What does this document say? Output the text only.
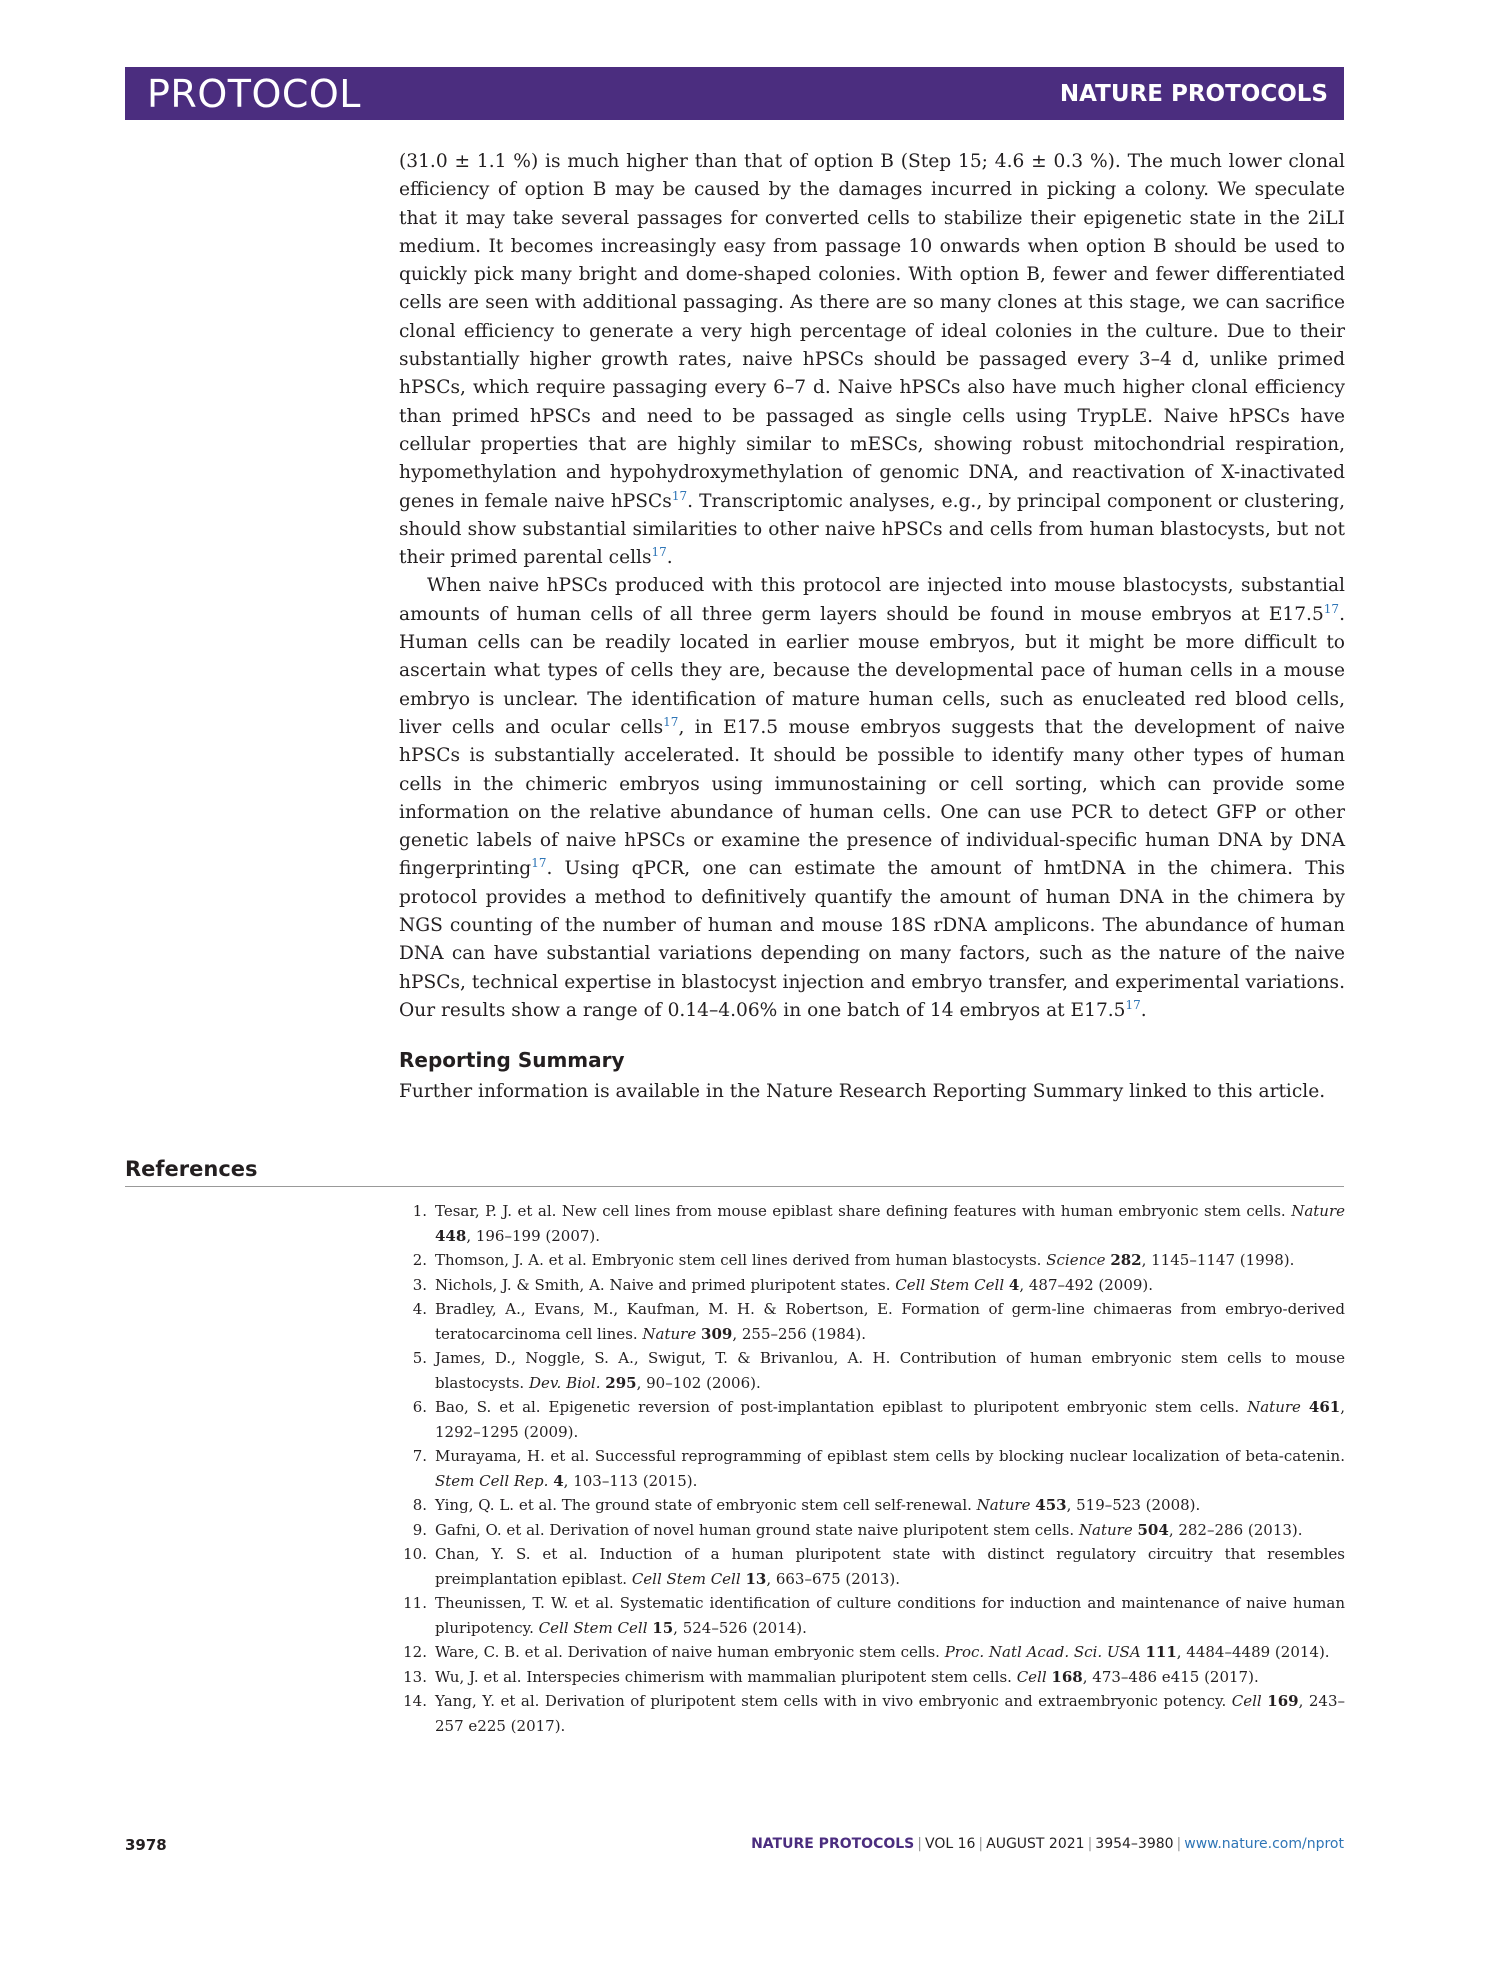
PROTOCOL	NATURE PROTOCOLS

(31.0 ± 1.1 %) is much higher than that of option B (Step 15; 4.6 ± 0.3 %). The much lower clonal efficiency of option B may be caused by the damages incurred in picking a colony. We speculate that it may take several passages for converted cells to stabilize their epigenetic state in the 2iLI medium. It becomes increasingly easy from passage 10 onwards when option B should be used to quickly pick many bright and dome-shaped colonies. With option B, fewer and fewer differentiated cells are seen with additional passaging. As there are so many clones at this stage, we can sacrifice clonal efficiency to generate a very high percentage of ideal colonies in the culture. Due to their substantially higher growth rates, naive hPSCs should be passaged every 3–4 d, unlike primed hPSCs, which require passaging every 6–7 d. Naive hPSCs also have much higher clonal efficiency than primed hPSCs and need to be passaged as single cells using TrypLE. Naive hPSCs have cellular properties that are highly similar to mESCs, showing robust mitochondrial respiration, hypomethylation and hypohydroxymethylation of genomic DNA, and reactivation of X-inactivated genes in female naive hPSCs$^{17}$. Transcriptomic analyses, e.g., by principal component or clustering, should show substantial similarities to other naive hPSCs and cells from human blastocysts, but not their primed parental cells$^{17}$.

When naive hPSCs produced with this protocol are injected into mouse blastocysts, substantial amounts of human cells of all three germ layers should be found in mouse embryos at E17.5$^{17}$. Human cells can be readily located in earlier mouse embryos, but it might be more difficult to ascertain what types of cells they are, because the developmental pace of human cells in a mouse embryo is unclear. The identification of mature human cells, such as enucleated red blood cells, liver cells and ocular cells$^{17}$, in E17.5 mouse embryos suggests that the development of naive hPSCs is substantially accelerated. It should be possible to identify many other types of human cells in the chimeric embryos using immunostaining or cell sorting, which can provide some information on the relative abundance of human cells. One can use PCR to detect GFP or other genetic labels of naive hPSCs or examine the presence of individual-specific human DNA by DNA fingerprinting$^{17}$. Using qPCR, one can estimate the amount of hmtDNA in the chimera. This protocol provides a method to definitively quantify the amount of human DNA in the chimera by NGS counting of the number of human and mouse 18S rDNA amplicons. The abundance of human DNA can have substantial variations depending on many factors, such as the nature of the naive hPSCs, technical expertise in blastocyst injection and embryo transfer, and experimental variations. Our results show a range of 0.14–4.06% in one batch of 14 embryos at E17.5$^{17}$.

Reporting Summary
Further information is available in the Nature Research Reporting Summary linked to this article.
References
1. Tesar, P. J. et al. New cell lines from mouse epiblast share defining features with human embryonic stem cells. Nature 448, 196–199 (2007).
2. Thomson, J. A. et al. Embryonic stem cell lines derived from human blastocysts. Science 282, 1145–1147 (1998).
3. Nichols, J. & Smith, A. Naive and primed pluripotent states. Cell Stem Cell 4, 487–492 (2009).
4. Bradley, A., Evans, M., Kaufman, M. H. & Robertson, E. Formation of germ-line chimaeras from embryo-derived teratocarcinoma cell lines. Nature 309, 255–256 (1984).
5. James, D., Noggle, S. A., Swigut, T. & Brivanlou, A. H. Contribution of human embryonic stem cells to mouse blastocysts. Dev. Biol. 295, 90–102 (2006).
6. Bao, S. et al. Epigenetic reversion of post-implantation epiblast to pluripotent embryonic stem cells. Nature 461, 1292–1295 (2009).
7. Murayama, H. et al. Successful reprogramming of epiblast stem cells by blocking nuclear localization of beta-catenin. Stem Cell Rep. 4, 103–113 (2015).
8. Ying, Q. L. et al. The ground state of embryonic stem cell self-renewal. Nature 453, 519–523 (2008).
9. Gafni, O. et al. Derivation of novel human ground state naive pluripotent stem cells. Nature 504, 282–286 (2013).
10. Chan, Y. S. et al. Induction of a human pluripotent state with distinct regulatory circuitry that resembles preimplantation epiblast. Cell Stem Cell 13, 663–675 (2013).
11. Theunissen, T. W. et al. Systematic identification of culture conditions for induction and maintenance of naive human pluripotency. Cell Stem Cell 15, 524–526 (2014).
12. Ware, C. B. et al. Derivation of naive human embryonic stem cells. Proc. Natl Acad. Sci. USA 111, 4484–4489 (2014).
13. Wu, J. et al. Interspecies chimerism with mammalian pluripotent stem cells. Cell 168, 473–486 e415 (2017).
14. Yang, Y. et al. Derivation of pluripotent stem cells with in vivo embryonic and extraembryonic potency. Cell 169, 243–257 e225 (2017).
3978	NATURE PROTOCOLS | VOL 16 | AUGUST 2021 | 3954–3980 | www.nature.com/nprot
